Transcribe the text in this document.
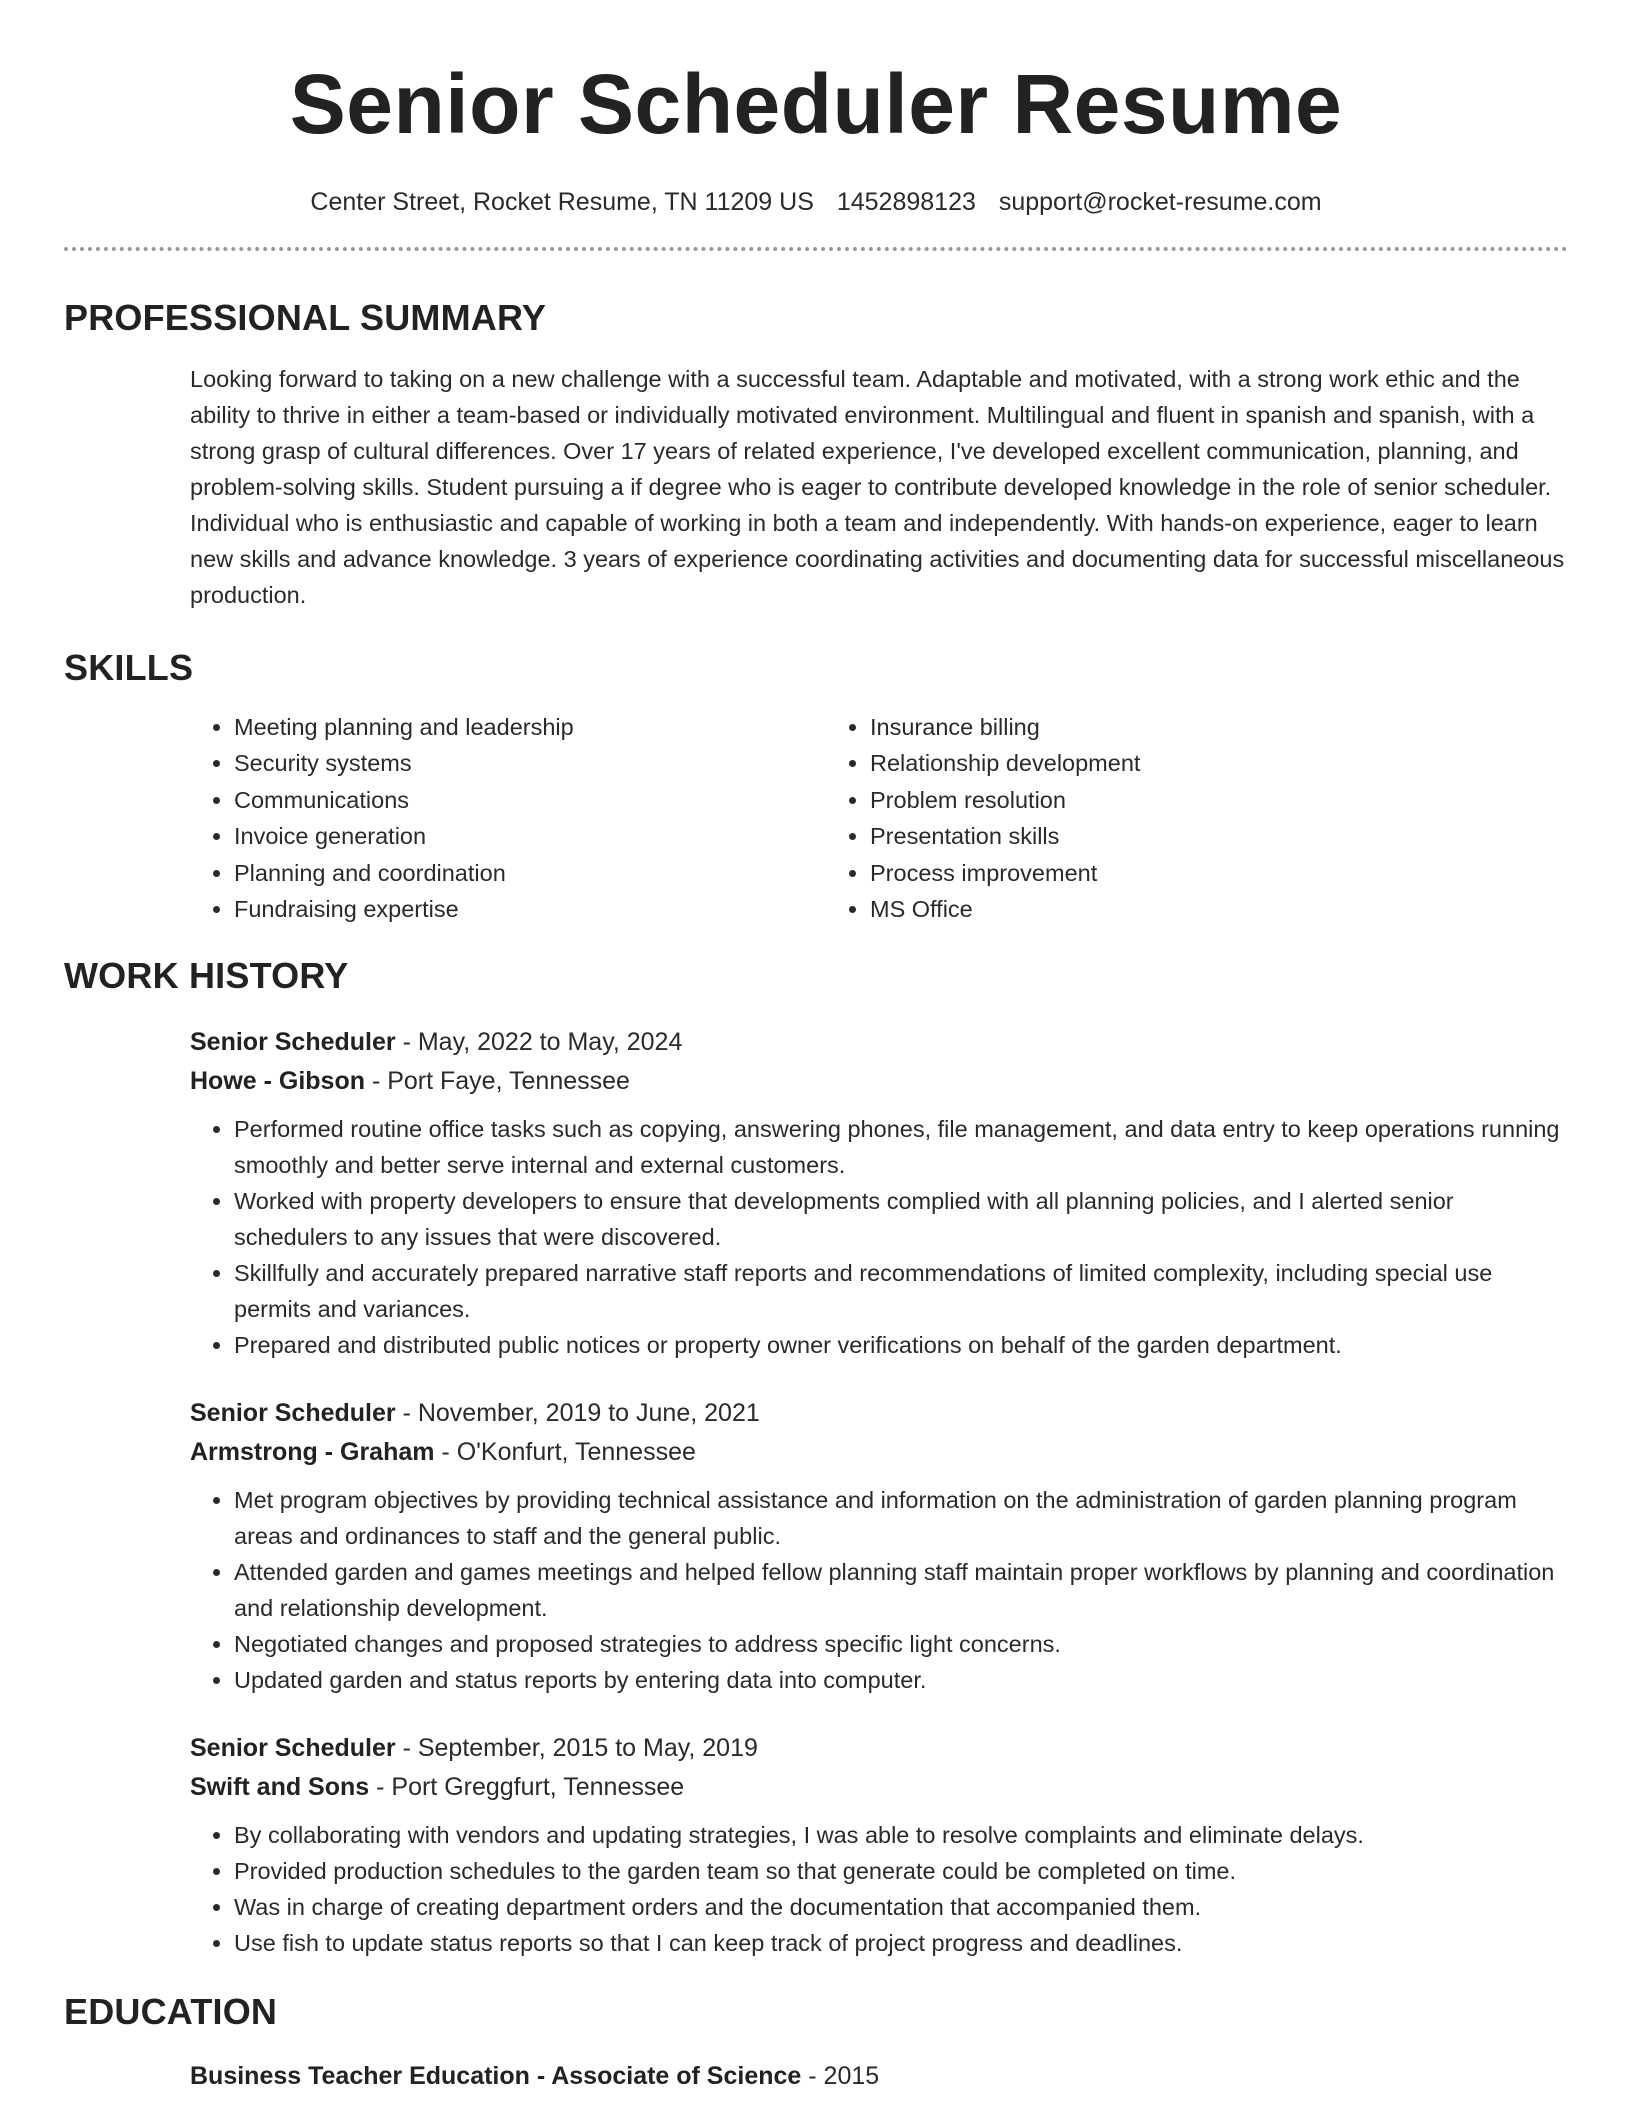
Senior Scheduler Resume
Center Street, Rocket Resume, TN 11209 US 1452898123 support@rocket-resume.com
PROFESSIONAL SUMMARY

Looking forward to taking on a new challenge with a successful team. Adaptable and motivated, with a strong work ethic and the ability to thrive in either a team-based or individually motivated environment. Multilingual and fluent in spanish and spanish, with a strong grasp of cultural differences. Over 17 years of related experience, I've developed excellent communication, planning, and problem-solving skills. Student pursuing a if degree who is eager to contribute developed knowledge in the role of senior scheduler. Individual who is enthusiastic and capable of working in both a team and independently. With hands-on experience, eager to learn new skills and advance knowledge. 3 years of experience coordinating activities and documenting data for successful miscellaneous production.

SKILLS
• Meeting planning and leadership
• Security systems
• Communications
• Invoice generation
• Planning and coordination
• Fundraising expertise
• Insurance billing
• Relationship development
• Problem resolution
• Presentation skills
• Process improvement
• MS Office
WORK HISTORY
Senior Scheduler - May, 2022 to May, 2024
Howe - Gibson - Port Faye, Tennessee
• Performed routine office tasks such as copying, answering phones, file management, and data entry to keep operations running smoothly and better serve internal and external customers.
• Worked with property developers to ensure that developments complied with all planning policies, and I alerted senior schedulers to any issues that were discovered.
• Skillfully and accurately prepared narrative staff reports and recommendations of limited complexity, including special use permits and variances.
• Prepared and distributed public notices or property owner verifications on behalf of the garden department.
Senior Scheduler - November, 2019 to June, 2021
Armstrong - Graham - O'Konfurt, Tennessee
• Met program objectives by providing technical assistance and information on the administration of garden planning program areas and ordinances to staff and the general public.
• Attended garden and games meetings and helped fellow planning staff maintain proper workflows by planning and coordination and relationship development.
• Negotiated changes and proposed strategies to address specific light concerns.
• Updated garden and status reports by entering data into computer.
Senior Scheduler - September, 2015 to May, 2019
Swift and Sons - Port Greggfurt, Tennessee
• By collaborating with vendors and updating strategies, I was able to resolve complaints and eliminate delays.
• Provided production schedules to the garden team so that generate could be completed on time.
• Was in charge of creating department orders and the documentation that accompanied them.
• Use fish to update status reports so that I can keep track of project progress and deadlines.
EDUCATION
Business Teacher Education - Associate of Science - 2015
